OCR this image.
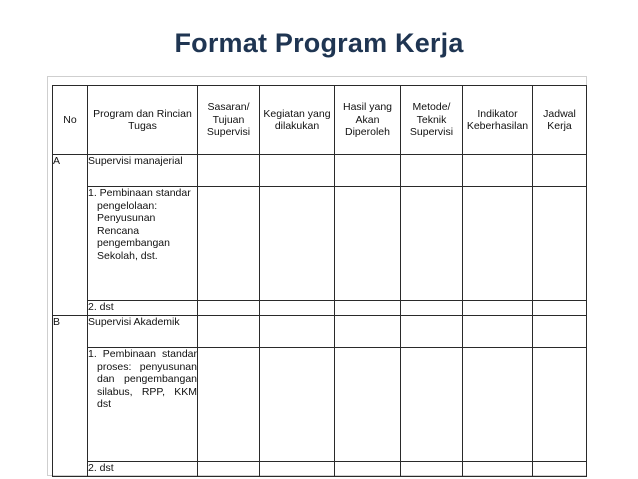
Format Program Kerja
No	Program dan Rincian Tugas	Sasaran/ Tujuan Supervisi	Kegiatan yang dilakukan	Hasil yang Akan Diperoleh	Metode/ Teknik Supervisi	Indikator Keberhasilan	Jadwal Kerja
A	Supervisi manajerial						

	1. Pembinaan standar pengelolaan: Penyusunan Rencana pengembangan Sekolah, dst.						

	2. dst						
B	Supervisi Akademik						

	1. Pembinaan standar proses: penyusunan dan pengembangan silabus, RPP, KKM dst						

	2. dst						
